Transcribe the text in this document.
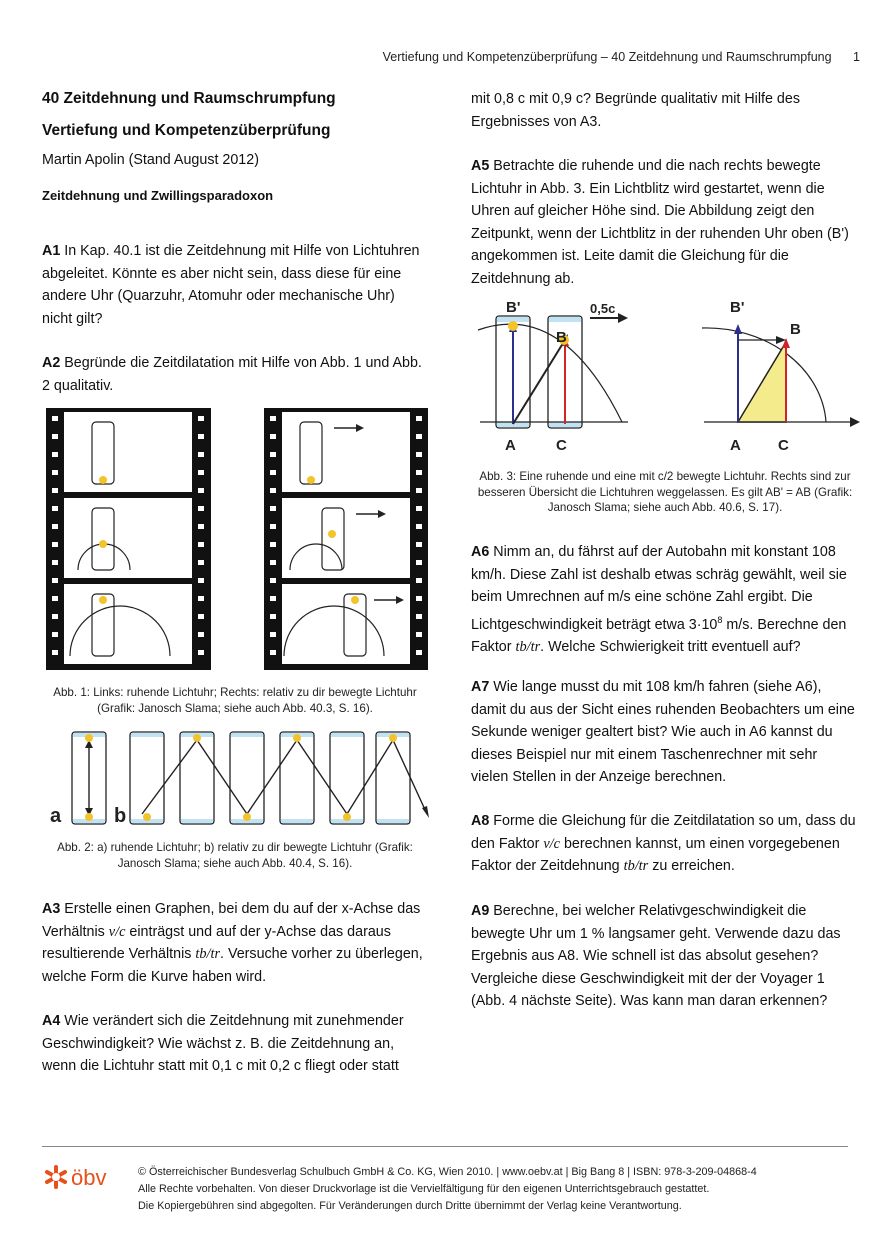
Vertiefung und Kompetenzüberprüfung – 40 Zeitdehnung und Raumschrumpfung 1
40 Zeitdehnung und Raumschrumpfung
Vertiefung und Kompetenzüberprüfung
Martin Apolin (Stand August 2012)
Zeitdehnung und Zwillingsparadoxon

A1 In Kap. 40.1 ist die Zeitdehnung mit Hilfe von Lichtuhren abgeleitet. Könnte es aber nicht sein, dass diese für eine andere Uhr (Quarzuhr, Atomuhr oder mechanische Uhr) nicht gilt?

A2 Begründe die Zeitdilatation mit Hilfe von Abb. 1 und Abb. 2 qualitativ.

Abb. 1: Links: ruhende Lichtuhr; Rechts: relativ zu dir bewegte Lichtuhr (Grafik: Janosch Slama; siehe auch Abb. 40.3, S. 16).
a	b
Abb. 2: a) ruhende Lichtuhr; b) relativ zu dir bewegte Lichtuhr (Grafik: Janosch Slama; siehe auch Abb. 40.4, S. 16).

A3 Erstelle einen Graphen, bei dem du auf der x-Achse das Verhältnis v/c einträgst und auf der y-Achse das daraus resultierende Verhältnis tb/tr. Versuche vorher zu überlegen, welche Form die Kurve haben wird.

A4 Wie verändert sich die Zeitdehnung mit zunehmender Geschwindigkeit? Wie wächst z. B. die Zeitdehnung an, wenn die Lichtuhr statt mit 0,1 c mit 0,2 c fliegt oder statt

mit 0,8 c mit 0,9 c? Begründe qualitativ mit Hilfe des Ergebnisses von A3.

A5 Betrachte die ruhende und die nach rechts bewegte Lichtuhr in Abb. 3. Ein Lichtblitz wird gestartet, wenn die Uhren auf gleicher Höhe sind. Die Abbildung zeigt den Zeitpunkt, wenn der Lichtblitz in der ruhenden Uhr oben (B') angekommen ist. Leite damit die Gleichung für die Zeitdehnung ab.

0,5c
B'
B
A	C
B'
B
A C
Abb. 3: Eine ruhende und eine mit c/2 bewegte Lichtuhr. Rechts sind zur besseren Übersicht die Lichtuhren weggelassen. Es gilt AB' = AB (Grafik: Janosch Slama; siehe auch Abb. 40.6, S. 17).

A6 Nimm an, du fährst auf der Autobahn mit konstant 108 km/h. Diese Zahl ist deshalb etwas schräg gewählt, weil sie beim Umrechnen auf m/s eine schöne Zahl ergibt. Die Lichtgeschwindigkeit beträgt etwa $3\cdot 10^8$ m/s. Berechne den Faktor tb/tr. Welche Schwierigkeit tritt eventuell auf?

A7 Wie lange musst du mit 108 km/h fahren (siehe A6), damit du aus der Sicht eines ruhenden Beobachters um eine Sekunde weniger gealtert bist? Wie auch in A6 kannst du dieses Beispiel nur mit einem Taschenrechner mit sehr vielen Stellen in der Anzeige berechnen.

A8 Forme die Gleichung für die Zeitdilatation so um, dass du den Faktor v/c berechnen kannst, um einen vorgegebenen Faktor der Zeitdehnung tb/tr zu erreichen.

A9 Berechne, bei welcher Relativgeschwindigkeit die bewegte Uhr um 1 % langsamer geht. Verwende dazu das Ergebnis aus A8. Wie schnell ist das absolut gesehen? Vergleiche diese Geschwindigkeit mit der der Voyager 1 (Abb. 4 nächste Seite). Was kann man daran erkennen?

öbv	© Österreichischer Bundesverlag Schulbuch GmbH & Co. KG, Wien 2010. | www.oebv.at | Big Bang 8 | ISBN: 978-3-209-04868-4
Alle Rechte vorbehalten. Von dieser Druckvorlage ist die Vervielfältigung für den eigenen Unterrichtsgebrauch gestattet.
Die Kopiergebühren sind abgegolten. Für Veränderungen durch Dritte übernimmt der Verlag keine Verantwortung.
